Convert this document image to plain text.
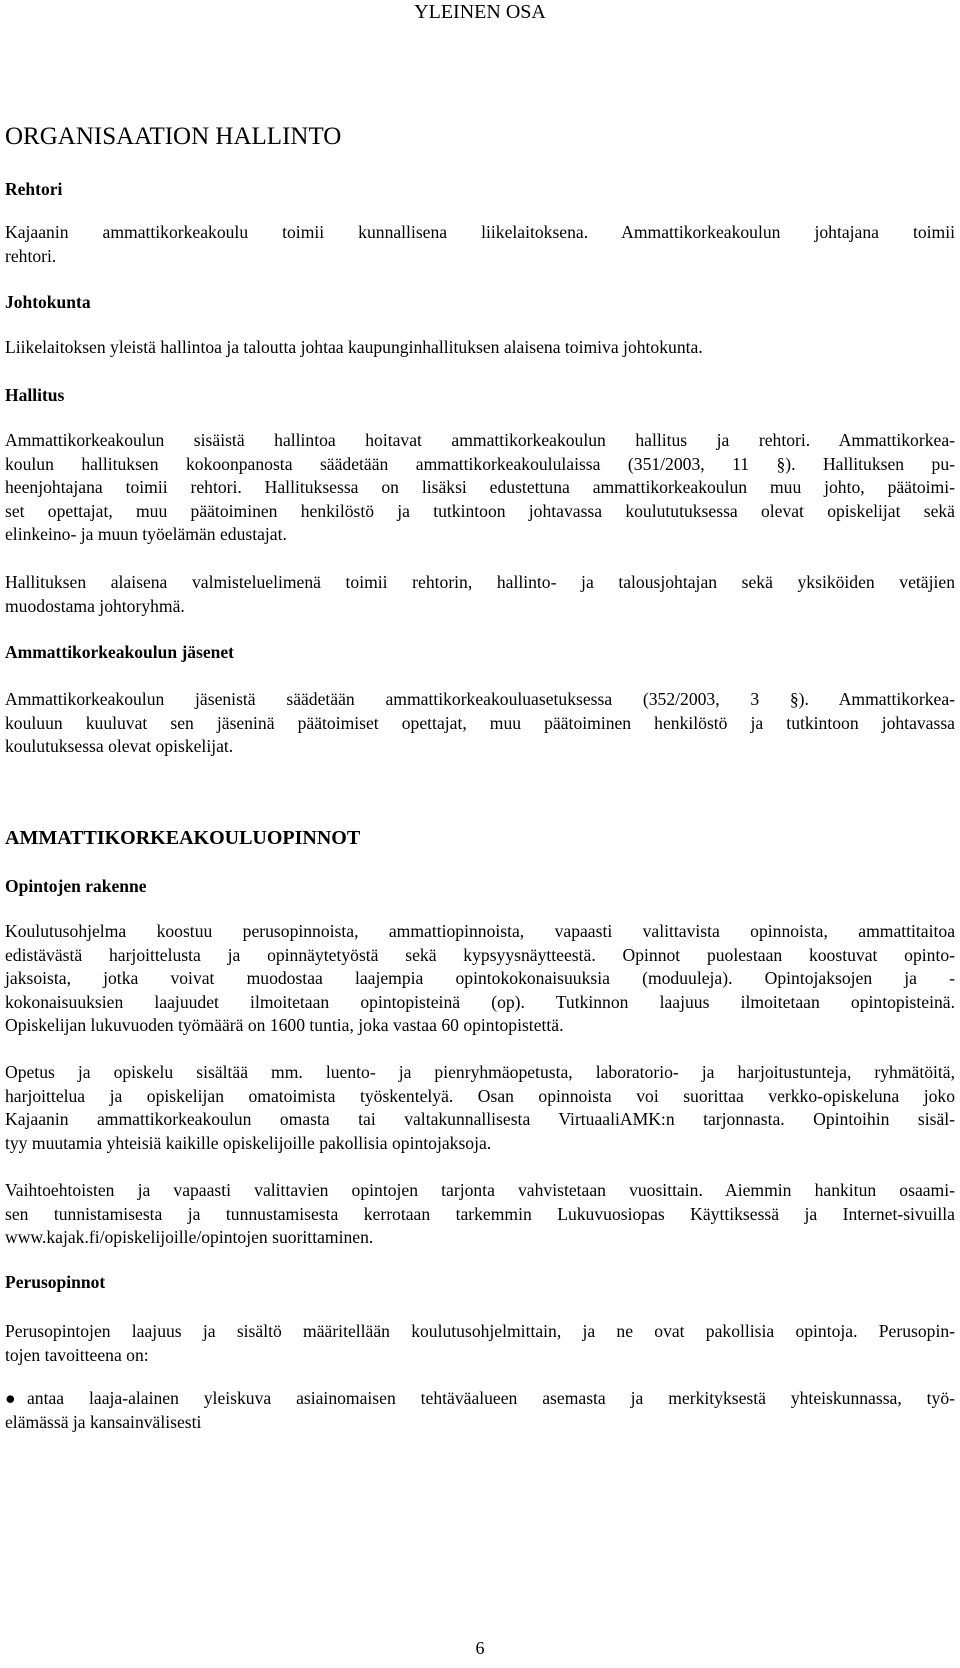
YLEINEN OSA
ORGANISAATION HALLINTO
Rehtori
Kajaanin ammattikorkeakoulu toimii kunnallisena liikelaitoksena. Ammattikorkeakoulun johtajana toimii
rehtori.
Johtokunta
Liikelaitoksen yleistä hallintoa ja taloutta johtaa kaupunginhallituksen alaisena toimiva johtokunta.
Hallitus
Ammattikorkeakoulun sisäistä hallintoa hoitavat ammattikorkeakoulun hallitus ja rehtori. Ammattikorkea-
koulun hallituksen kokoonpanosta säädetään ammattikorkeakoululaissa (351/2003, 11 §). Hallituksen pu-
heenjohtajana toimii rehtori. Hallituksessa on lisäksi edustettuna ammattikorkeakoulun muu johto, päätoimi-
set opettajat, muu päätoiminen henkilöstö ja tutkintoon johtavassa koulututuksessa olevat opiskelijat sekä
elinkeino- ja muun työelämän edustajat.
Hallituksen alaisena valmisteluelimenä toimii rehtorin, hallinto- ja talousjohtajan sekä yksiköiden vetäjien
muodostama johtoryhmä.
Ammattikorkeakoulun jäsenet
Ammattikorkeakoulun jäsenistä säädetään ammattikorkeakouluasetuksessa (352/2003, 3 §). Ammattikorkea-
kouluun kuuluvat sen jäseninä päätoimiset opettajat, muu päätoiminen henkilöstö ja tutkintoon johtavassa
koulutuksessa olevat opiskelijat.
AMMATTIKORKEAKOULUOPINNOT
Opintojen rakenne
Koulutusohjelma koostuu perusopinnoista, ammattiopinnoista, vapaasti valittavista opinnoista, ammattitaitoa
edistävästä harjoittelusta ja opinnäytetyöstä sekä kypsyysnäytteestä. Opinnot puolestaan koostuvat opinto-
jaksoista, jotka voivat muodostaa laajempia opintokokonaisuuksia (moduuleja). Opintojaksojen ja -
kokonaisuuksien laajuudet ilmoitetaan opintopisteinä (op). Tutkinnon laajuus ilmoitetaan opintopisteinä.
Opiskelijan lukuvuoden työmäärä on 1600 tuntia, joka vastaa 60 opintopistettä.
Opetus ja opiskelu sisältää mm. luento- ja pienryhmäopetusta, laboratorio- ja harjoitustunteja, ryhmätöitä,
harjoittelua ja opiskelijan omatoimista työskentelyä. Osan opinnoista voi suorittaa verkko-opiskeluna joko
Kajaanin ammattikorkeakoulun omasta tai valtakunnallisesta VirtuaaliAMK:n tarjonnasta. Opintoihin sisäl-
tyy muutamia yhteisiä kaikille opiskelijoille pakollisia opintojaksoja.
Vaihtoehtoisten ja vapaasti valittavien opintojen tarjonta vahvistetaan vuosittain. Aiemmin hankitun osaami-
sen tunnistamisesta ja tunnustamisesta kerrotaan tarkemmin Lukuvuosiopas Käyttiksessä ja Internet-sivuilla
www.kajak.fi/opiskelijoille/opintojen suorittaminen.
Perusopinnot
Perusopintojen laajuus ja sisältö määritellään koulutusohjelmittain, ja ne ovat pakollisia opintoja. Perusopin-
tojen tavoitteena on:
● antaa laaja-alainen yleiskuva asiainomaisen tehtäväalueen asemasta ja merkityksestä yhteiskunnassa, työ-
elämässä ja kansainvälisesti
6
